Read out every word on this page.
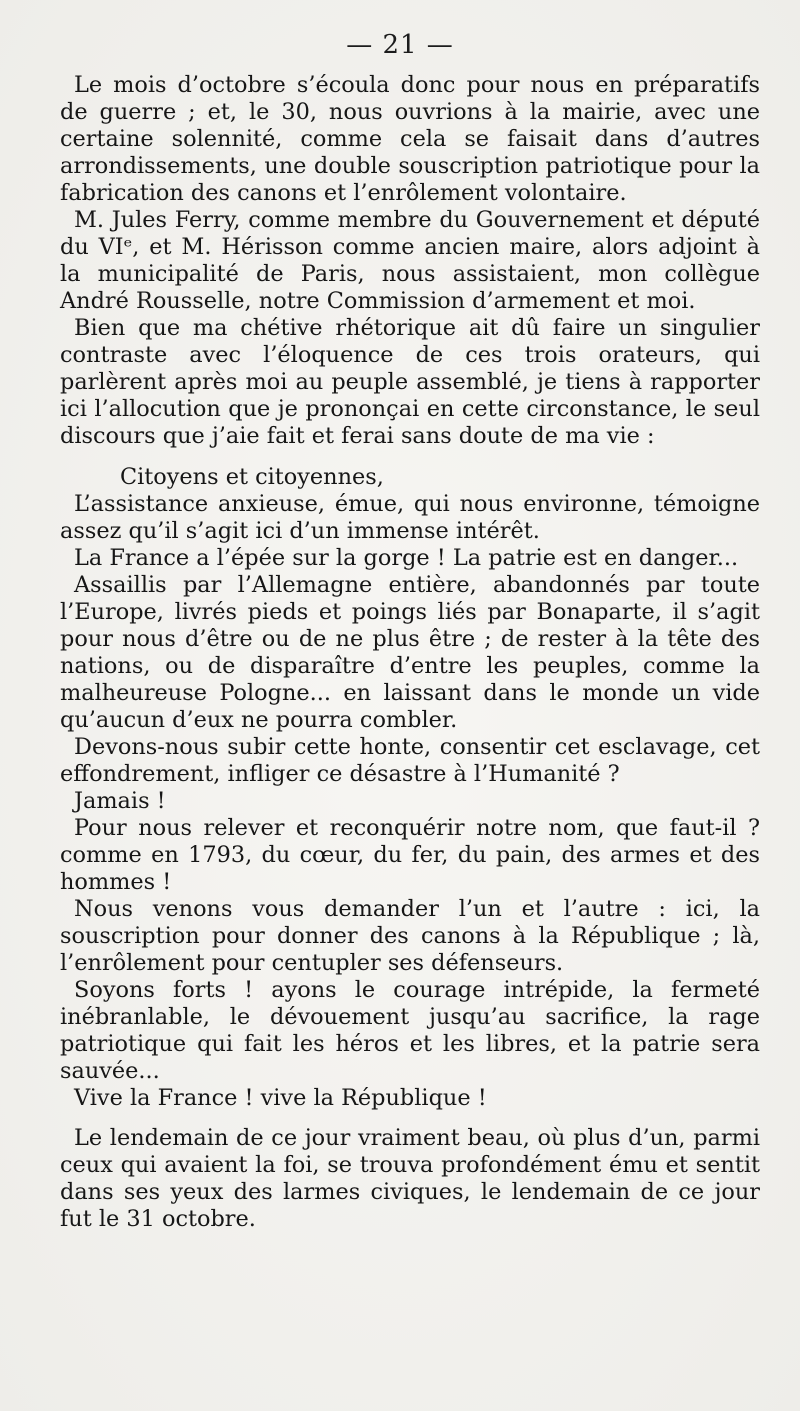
— 21 —

Le mois d’octobre s’écoula donc pour nous en préparatifs de guerre ; et, le 30, nous ouvrions à la mairie, avec une certaine solennité, comme cela se faisait dans d’autres arrondissements, une double souscription patriotique pour la fabrication des canons et l’enrôlement volontaire.

M. Jules Ferry, comme membre du Gouvernement et député du VIᵉ, et M. Hérisson comme ancien maire, alors adjoint à la municipalité de Paris, nous assistaient, mon collègue André Rousselle, notre Commission d’armement et moi.

Bien que ma chétive rhétorique ait dû faire un singulier contraste avec l’éloquence de ces trois orateurs, qui parlèrent après moi au peuple assemblé, je tiens à rapporter ici l’allocution que je prononçai en cette circonstance, le seul discours que j’aie fait et ferai sans doute de ma vie :

Citoyens et citoyennes,

L’assistance anxieuse, émue, qui nous environne, témoigne assez qu’il s’agit ici d’un immense intérêt.

La France a l’épée sur la gorge ! La patrie est en danger...

Assaillis par l’Allemagne entière, abandonnés par toute l’Europe, livrés pieds et poings liés par Bonaparte, il s’agit pour nous d’être ou de ne plus être ; de rester à la tête des nations, ou de disparaître d’entre les peuples, comme la malheureuse Pologne... en laissant dans le monde un vide qu’aucun d’eux ne pourra combler.

Devons-nous subir cette honte, consentir cet esclavage, cet effondrement, infliger ce désastre à l’Humanité ?

Jamais !

Pour nous relever et reconquérir notre nom, que faut-il ? comme en 1793, du cœur, du fer, du pain, des armes et des hommes !

Nous venons vous demander l’un et l’autre : ici, la souscription pour donner des canons à la République ; là, l’enrôlement pour centupler ses défenseurs.

Soyons forts ! ayons le courage intrépide, la fermeté inébranlable, le dévouement jusqu’au sacrifice, la rage patriotique qui fait les héros et les libres, et la patrie sera sauvée...

Vive la France ! vive la République !

Le lendemain de ce jour vraiment beau, où plus d’un, parmi ceux qui avaient la foi, se trouva profondément ému et sentit dans ses yeux des larmes civiques, le lendemain de ce jour fut le 31 octobre.
